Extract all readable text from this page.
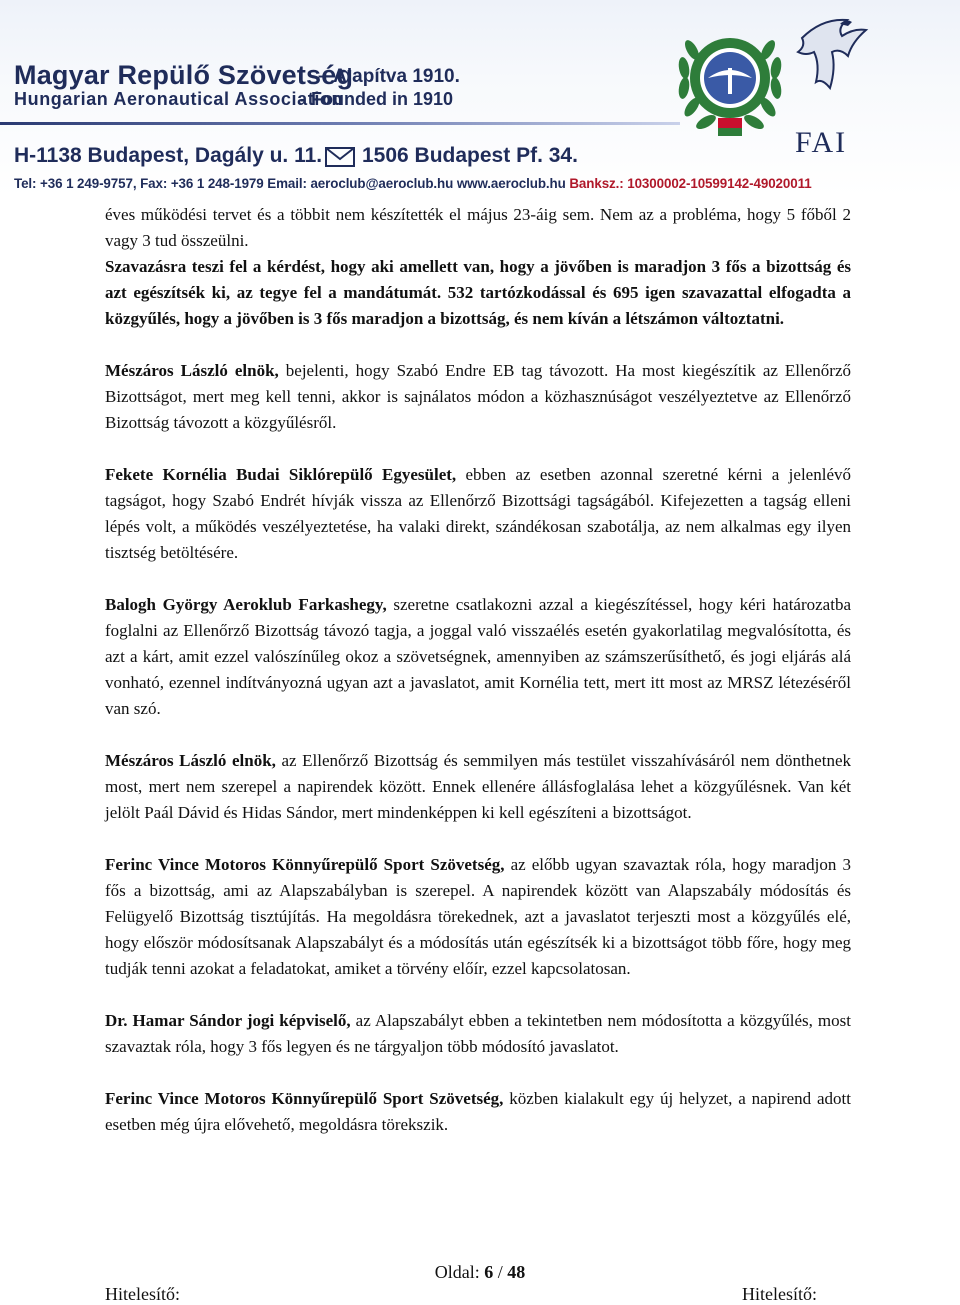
Magyar Repülő Szövetség
– Alapítva 1910.
Hungarian Aeronautical Association
- Founded in 1910
H-1138 Budapest, Dagály u. 11. 1506 Budapest Pf. 34.
Tel: +36 1 249-9757, Fax: +36 1 248-1979 Email: aeroclub@aeroclub.hu www.aeroclub.hu Banksz.: 10300002-10599142-49020011
FAI

éves működési tervet és a többit nem készítették el május 23-áig sem. Nem az a probléma, hogy 5 főből 2 vagy 3 tud összeülni.

Szavazásra teszi fel a kérdést, hogy aki amellett van, hogy a jövőben is maradjon 3 fős a bizottság és azt egészítsék ki, az tegye fel a mandátumát. 532 tartózkodással és 695 igen szavazattal elfogadta a közgyűlés, hogy a jövőben is 3 fős maradjon a bizottság, és nem kíván a létszámon változtatni.

Mészáros László elnök, bejelenti, hogy Szabó Endre EB tag távozott. Ha most kiegészítik az Ellenőrző Bizottságot, mert meg kell tenni, akkor is sajnálatos módon a közhasznúságot veszélyeztetve az Ellenőrző Bizottság távozott a közgyűlésről.

Fekete Kornélia Budai Siklórepülő Egyesület, ebben az esetben azonnal szeretné kérni a jelenlévő tagságot, hogy Szabó Endrét hívják vissza az Ellenőrző Bizottsági tagságából. Kifejezetten a tagság elleni lépés volt, a működés veszélyeztetése, ha valaki direkt, szándékosan szabotálja, az nem alkalmas egy ilyen tisztség betöltésére.

Balogh György Aeroklub Farkashegy, szeretne csatlakozni azzal a kiegészítéssel, hogy kéri határozatba foglalni az Ellenőrző Bizottság távozó tagja, a joggal való visszaélés esetén gyakorlatilag megvalósította, és azt a kárt, amit ezzel valószínűleg okoz a szövetségnek, amennyiben az számszerűsíthető, és jogi eljárás alá vonható, ezennel indítványozná ugyan azt a javaslatot, amit Kornélia tett, mert itt most az MRSZ létezéséről van szó.

Mészáros László elnök, az Ellenőrző Bizottság és semmilyen más testület visszahívásáról nem dönthetnek most, mert nem szerepel a napirendek között. Ennek ellenére állásfoglalása lehet a közgyűlésnek. Van két jelölt Paál Dávid és Hidas Sándor, mert mindenképpen ki kell egészíteni a bizottságot.

Ferinc Vince Motoros Könnyűrepülő Sport Szövetség, az előbb ugyan szavaztak róla, hogy maradjon 3 fős a bizottság, ami az Alapszabályban is szerepel. A napirendek között van Alapszabály módosítás és Felügyelő Bizottság tisztújítás. Ha megoldásra törekednek, azt a javaslatot terjeszti most a közgyűlés elé, hogy először módosítsanak Alapszabályt és a módosítás után egészítsék ki a bizottságot több főre, hogy meg tudják tenni azokat a feladatokat, amiket a törvény előír, ezzel kapcsolatosan.

Dr. Hamar Sándor jogi képviselő, az Alapszabályt ebben a tekintetben nem módosította a közgyűlés, most szavaztak róla, hogy 3 fős legyen és ne tárgyaljon több módosító javaslatot.

Ferinc Vince Motoros Könnyűrepülő Sport Szövetség, közben kialakult egy új helyzet, a napirend adott esetben még újra elővehető, megoldásra törekszik.

Oldal: 6 / 48
Hitelesítő:	Hitelesítő:
